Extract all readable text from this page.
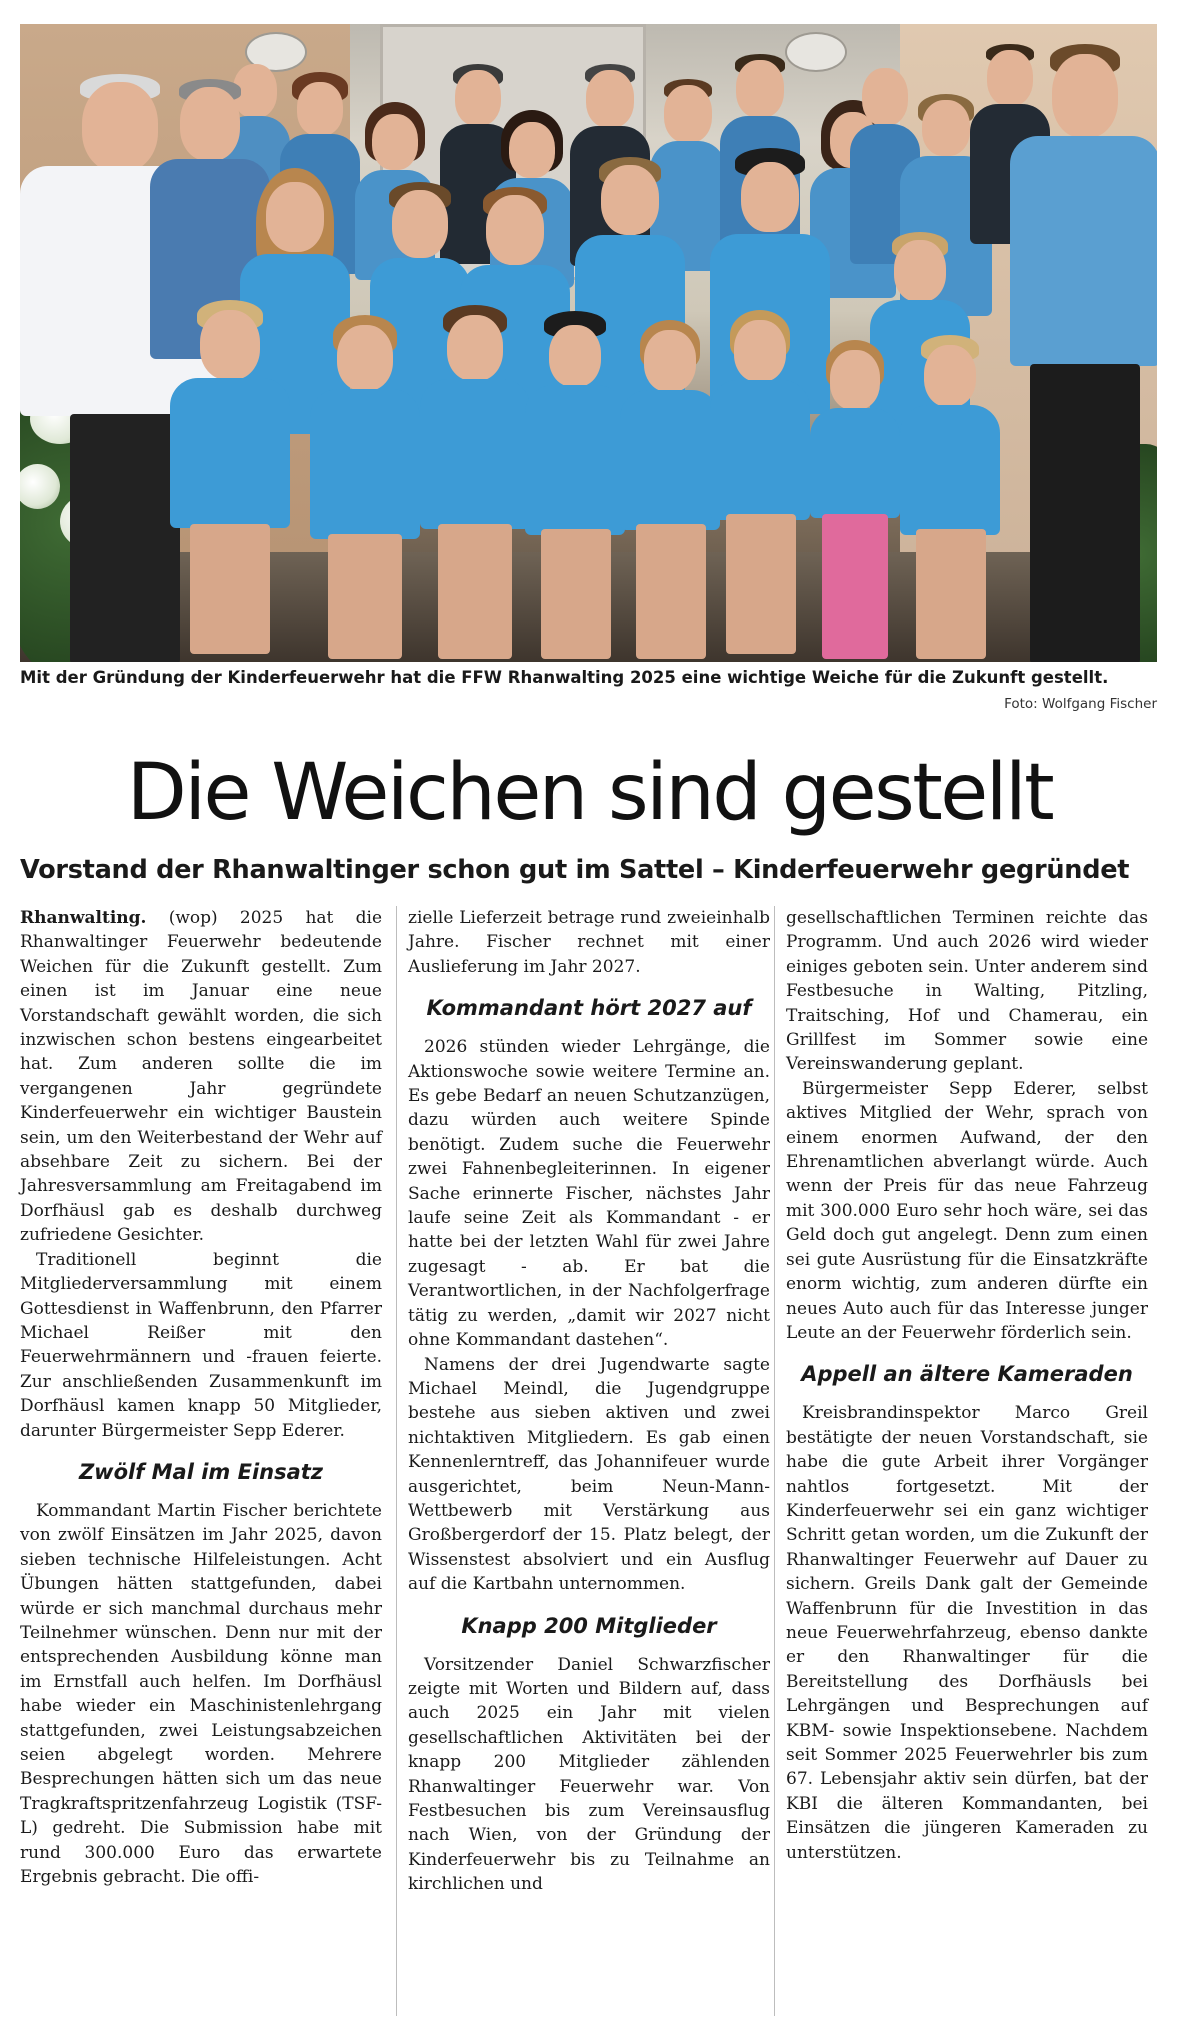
Mit der Gründung der Kinderfeuerwehr hat die FFW Rhanwalting 2025 eine wichtige Weiche für die Zukunft gestellt.
Foto: Wolfgang Fischer
Die Weichen sind gestellt
Vorstand der Rhanwaltinger schon gut im Sattel – Kinderfeuerwehr gegründet

Rhanwalting. (wop) 2025 hat die Rhanwaltinger Feuerwehr bedeutende Weichen für die Zukunft gestellt. Zum einen ist im Januar eine neue Vorstandschaft gewählt worden, die sich inzwischen schon bestens eingearbeitet hat. Zum anderen sollte die im vergangenen Jahr gegründete Kinderfeuerwehr ein wichtiger Baustein sein, um den Weiterbestand der Wehr auf absehbare Zeit zu sichern. Bei der Jahresversammlung am Freitagabend im Dorfhäusl gab es deshalb durchweg zufriedene Gesichter.

Traditionell beginnt die Mitgliederversammlung mit einem Gottesdienst in Waffenbrunn, den Pfarrer Michael Reißer mit den Feuerwehrmännern und -frauen feierte. Zur anschließenden Zusammenkunft im Dorfhäusl kamen knapp 50 Mitglieder, darunter Bürgermeister Sepp Ederer.

Zwölf Mal im Einsatz

Kommandant Martin Fischer berichtete von zwölf Einsätzen im Jahr 2025, davon sieben technische Hilfeleistungen. Acht Übungen hätten stattgefunden, dabei würde er sich manchmal durchaus mehr Teilnehmer wünschen. Denn nur mit der entsprechenden Ausbildung könne man im Ernstfall auch helfen. Im Dorfhäusl habe wieder ein Maschinistenlehrgang stattgefunden, zwei Leistungsabzeichen seien abgelegt worden. Mehrere Besprechungen hätten sich um das neue Tragkraftspritzenfahrzeug Logistik (TSF-L) gedreht. Die Submission habe mit rund 300.000 Euro das erwartete Ergebnis gebracht. Die offi-

zielle Lieferzeit betrage rund zweieinhalb Jahre. Fischer rechnet mit einer Auslieferung im Jahr 2027.

Kommandant hört 2027 auf

2026 stünden wieder Lehrgänge, die Aktionswoche sowie weitere Termine an. Es gebe Bedarf an neuen Schutzanzügen, dazu würden auch weitere Spinde benötigt. Zudem suche die Feuerwehr zwei Fahnenbegleiterinnen. In eigener Sache erinnerte Fischer, nächstes Jahr laufe seine Zeit als Kommandant - er hatte bei der letzten Wahl für zwei Jahre zugesagt - ab. Er bat die Verantwortlichen, in der Nachfolgerfrage tätig zu werden, „damit wir 2027 nicht ohne Kommandant dastehen“.

Namens der drei Jugendwarte sagte Michael Meindl, die Jugendgruppe bestehe aus sieben aktiven und zwei nichtaktiven Mitgliedern. Es gab einen Kennenlerntreff, das Johannifeuer wurde ausgerichtet, beim Neun-Mann-Wettbewerb mit Verstärkung aus Großbergerdorf der 15. Platz belegt, der Wissenstest absolviert und ein Ausflug auf die Kartbahn unternommen.

Knapp 200 Mitglieder

Vorsitzender Daniel Schwarzfischer zeigte mit Worten und Bildern auf, dass auch 2025 ein Jahr mit vielen gesellschaftlichen Aktivitäten bei der knapp 200 Mitglieder zählenden Rhanwaltinger Feuerwehr war. Von Festbesuchen bis zum Vereinsausflug nach Wien, von der Gründung der Kinderfeuerwehr bis zu Teilnahme an kirchlichen und

gesellschaftlichen Terminen reichte das Programm. Und auch 2026 wird wieder einiges geboten sein. Unter anderem sind Festbesuche in Walting, Pitzling, Traitsching, Hof und Chamerau, ein Grillfest im Sommer sowie eine Vereinswanderung geplant.

Bürgermeister Sepp Ederer, selbst aktives Mitglied der Wehr, sprach von einem enormen Aufwand, der den Ehrenamtlichen abverlangt würde. Auch wenn der Preis für das neue Fahrzeug mit 300.000 Euro sehr hoch wäre, sei das Geld doch gut angelegt. Denn zum einen sei gute Ausrüstung für die Einsatzkräfte enorm wichtig, zum anderen dürfte ein neues Auto auch für das Interesse junger Leute an der Feuerwehr förderlich sein.

Appell an ältere Kameraden

Kreisbrandinspektor Marco Greil bestätigte der neuen Vorstandschaft, sie habe die gute Arbeit ihrer Vorgänger nahtlos fortgesetzt. Mit der Kinderfeuerwehr sei ein ganz wichtiger Schritt getan worden, um die Zukunft der Rhanwaltinger Feuerwehr auf Dauer zu sichern. Greils Dank galt der Gemeinde Waffenbrunn für die Investition in das neue Feuerwehrfahrzeug, ebenso dankte er den Rhanwaltinger für die Bereitstellung des Dorfhäusls bei Lehrgängen und Besprechungen auf KBM- sowie Inspektionsebene. Nachdem seit Sommer 2025 Feuerwehrler bis zum 67. Lebensjahr aktiv sein dürfen, bat der KBI die älteren Kommandanten, bei Einsätzen die jüngeren Kameraden zu unterstützen.
